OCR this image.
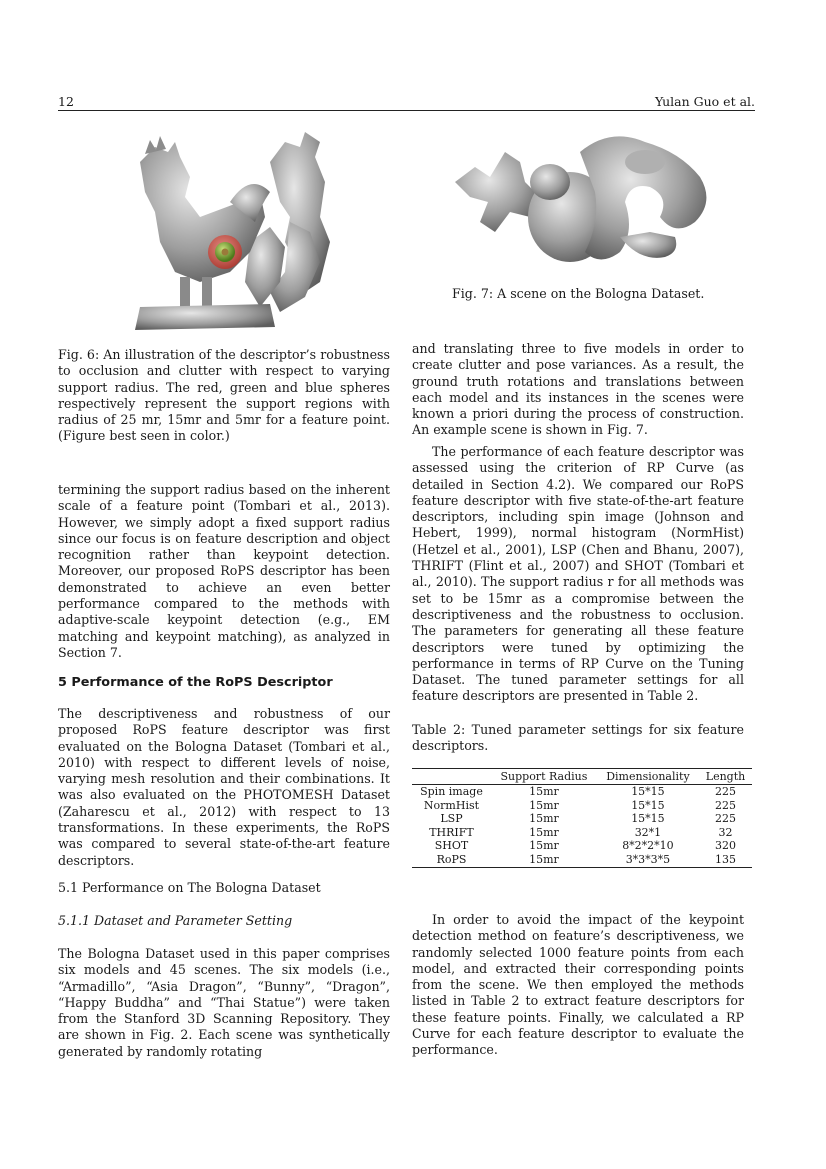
12	Yulan Guo et al.
Fig. 7: A scene on the Bologna Dataset.
Fig. 6: An illustration of the descriptor’s robustness to occlusion and clutter with respect to varying support radius. The red, green and blue spheres respectively represent the support regions with radius of 25 mr, 15mr and 5mr for a feature point. (Figure best seen in color.)
termining the support radius based on the inherent scale of a feature point (Tombari et al., 2013). However, we simply adopt a fixed support radius since our focus is on feature description and object recognition rather than keypoint detection. Moreover, our proposed RoPS descriptor has been demonstrated to achieve an even better performance compared to the methods with adaptive-scale keypoint detection (e.g., EM matching and keypoint matching), as analyzed in Section 7.
5 Performance of the RoPS Descriptor
The descriptiveness and robustness of our proposed RoPS feature descriptor was first evaluated on the Bologna Dataset (Tombari et al., 2010) with respect to different levels of noise, varying mesh resolution and their combinations. It was also evaluated on the PHOTOMESH Dataset (Zaharescu et al., 2012) with respect to 13 transformations. In these experiments, the RoPS was compared to several state-of-the-art feature descriptors.
5.1 Performance on The Bologna Dataset
5.1.1 Dataset and Parameter Setting
The Bologna Dataset used in this paper comprises six models and 45 scenes. The six models (i.e., “Armadillo”, “Asia Dragon”, “Bunny”, “Dragon”, “Happy Buddha” and “Thai Statue”) were taken from the Stanford 3D Scanning Repository. They are shown in Fig. 2. Each scene was synthetically generated by randomly rotating
and translating three to five models in order to create clutter and pose variances. As a result, the ground truth rotations and translations between each model and its instances in the scenes were known a priori during the process of construction. An example scene is shown in Fig. 7.
The performance of each feature descriptor was assessed using the criterion of RP Curve (as detailed in Section 4.2). We compared our RoPS feature descriptor with five state-of-the-art feature descriptors, including spin image (Johnson and Hebert, 1999), normal histogram (NormHist) (Hetzel et al., 2001), LSP (Chen and Bhanu, 2007), THRIFT (Flint et al., 2007) and SHOT (Tombari et al., 2010). The support radius r for all methods was set to be 15mr as a compromise between the descriptiveness and the robustness to occlusion. The parameters for generating all these feature descriptors were tuned by optimizing the performance in terms of RP Curve on the Tuning Dataset. The tuned parameter settings for all feature descriptors are presented in Table 2.
Table 2: Tuned parameter settings for six feature descriptors.
	Support Radius	Dimensionality	Length
Spin image	15mr	15*15	225
NormHist	15mr	15*15	225
LSP	15mr	15*15	225
THRIFT	15mr	32*1	32
SHOT	15mr	8*2*2*10	320
RoPS	15mr	3*3*3*5	135
In order to avoid the impact of the keypoint detection method on feature’s descriptiveness, we randomly selected 1000 feature points from each model, and extracted their corresponding points from the scene. We then employed the methods listed in Table 2 to extract feature descriptors for these feature points. Finally, we calculated a RP Curve for each feature descriptor to evaluate the performance.
